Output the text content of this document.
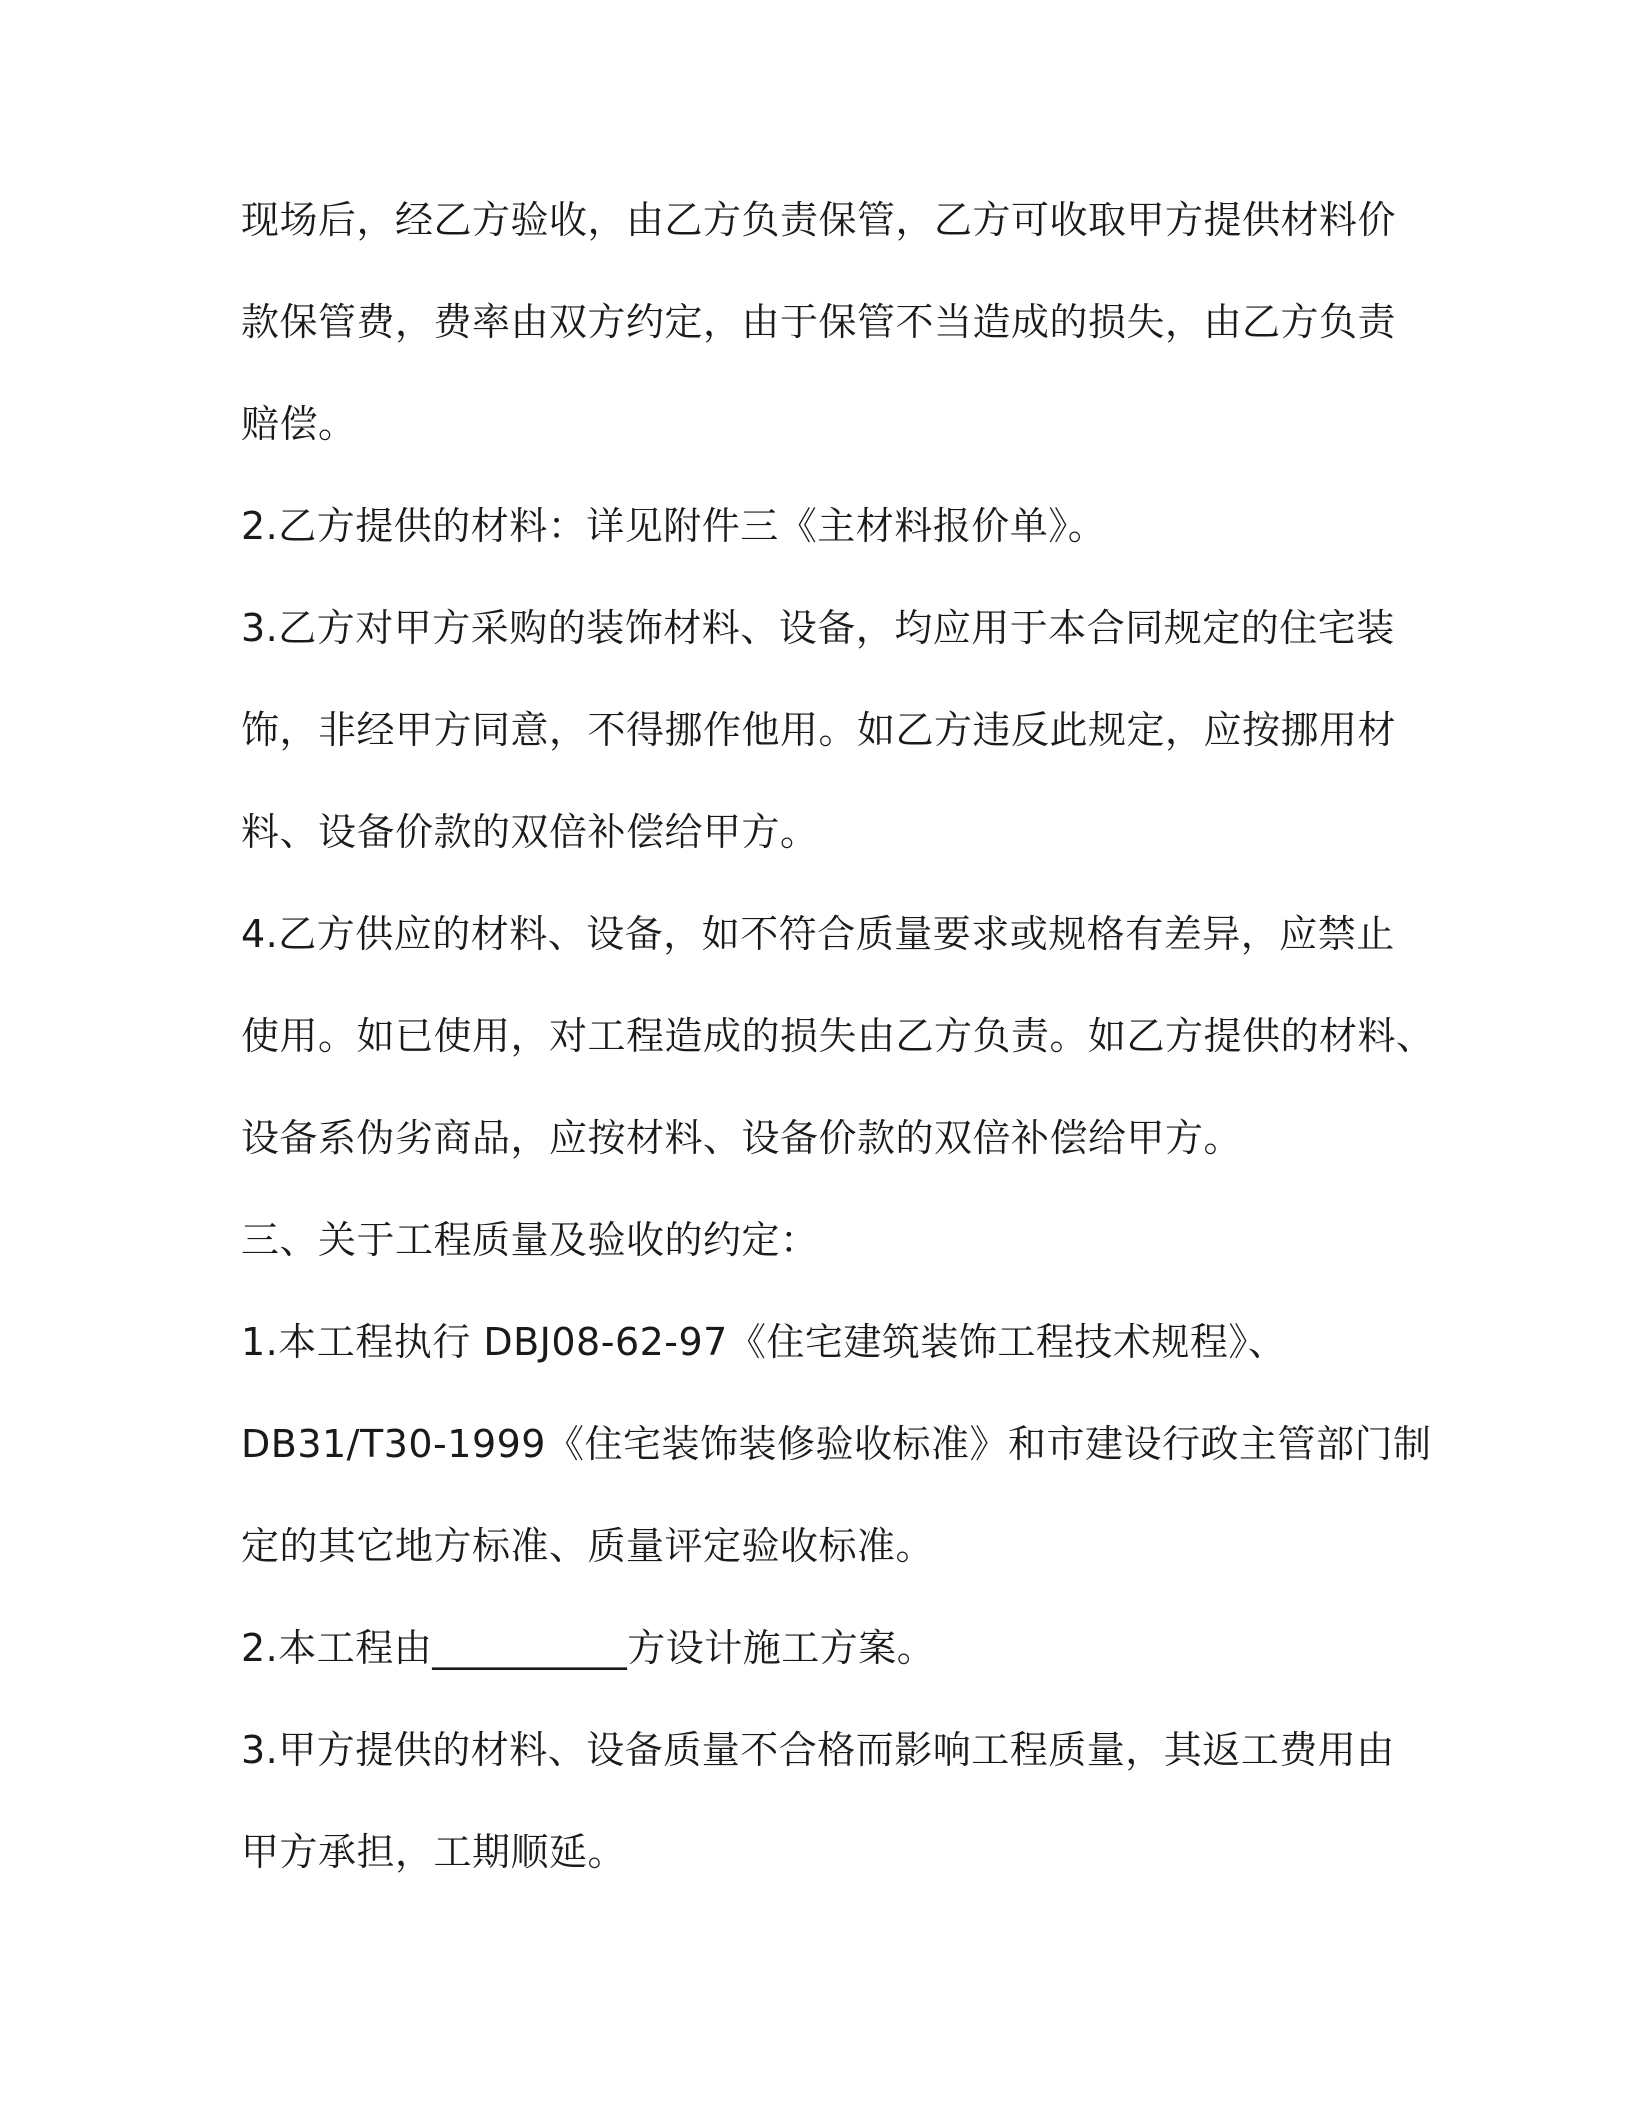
现场后，经乙方验收，由乙方负责保管，乙方可收取甲方提供材料价
款保管费，费率由双方约定，由于保管不当造成的损失，由乙方负责
赔偿。
2.乙方提供的材料：详见附件三《主材料报价单》。
3.乙方对甲方采购的装饰材料、设备，均应用于本合同规定的住宅装
饰，非经甲方同意，不得挪作他用。如乙方违反此规定，应按挪用材
料、设备价款的双倍补偿给甲方。
4.乙方供应的材料、设备，如不符合质量要求或规格有差异，应禁止
使用。如已使用，对工程造成的损失由乙方负责。如乙方提供的材料、
设备系伪劣商品，应按材料、设备价款的双倍补偿给甲方。
三、关于工程质量及验收的约定：
1.本工程执行 DBJ08-62-97《住宅建筑装饰工程技术规程》、
DB31/T30-1999《住宅装饰装修验收标准》和市建设行政主管部门制
定的其它地方标准、质量评定验收标准。
2.本工程由__________方设计施工方案。
3.甲方提供的材料、设备质量不合格而影响工程质量，其返工费用由
甲方承担，工期顺延。
